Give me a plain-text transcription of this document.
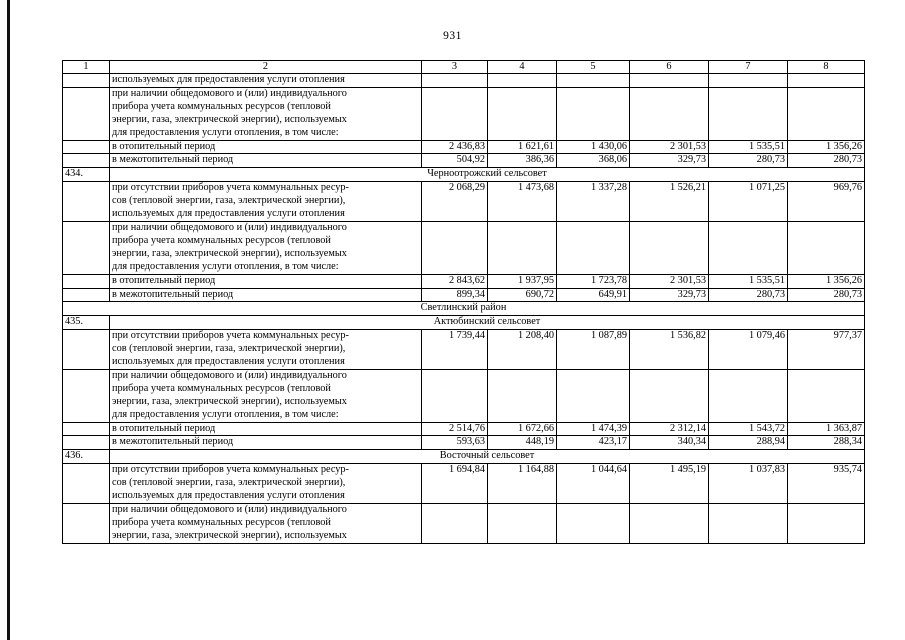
931
1	2	3	4	5	6	7	8
	используемых для предоставления услуги отопления						

	при наличии общедомового и (или) индивидуального
прибора учета коммунальных ресурсов (тепловой
энергии, газа, электрической энергии), используемых
для предоставления услуги отопления, в том числе:						

	в отопительный период	2 436,83	1 621,61	1 430,06	2 301,53	1 535,51	1 356,26
	в межотопительный период	504,92	386,36	368,06	329,73	280,73	280,73
434.	Черноотрожский сельсовет						

	при отсутствии приборов учета коммунальных ресур-
сов (тепловой энергии, газа, электрической энергии),
используемых для предоставления услуги отопления	2 068,29	1 473,68	1 337,28	1 526,21	1 071,25	969,76

	при наличии общедомового и (или) индивидуального
прибора учета коммунальных ресурсов (тепловой
энергии, газа, электрической энергии), используемых
для предоставления услуги отопления, в том числе:						

	в отопительный период	2 843,62	1 937,95	1 723,78	2 301,53	1 535,51	1 356,26
	в межотопительный период	899,34	690,72	649,91	329,73	280,73	280,73
Светлинский район							
435.	Актюбинский сельсовет						

	при отсутствии приборов учета коммунальных ресур-
сов (тепловой энергии, газа, электрической энергии),
используемых для предоставления услуги отопления	1 739,44	1 208,40	1 087,89	1 536,82	1 079,46	977,37

	при наличии общедомового и (или) индивидуального
прибора учета коммунальных ресурсов (тепловой
энергии, газа, электрической энергии), используемых
для предоставления услуги отопления, в том числе:						

	в отопительный период	2 514,76	1 672,66	1 474,39	2 312,14	1 543,72	1 363,87
	в межотопительный период	593,63	448,19	423,17	340,34	288,94	288,34
436.	Восточный сельсовет						

	при отсутствии приборов учета коммунальных ресур-
сов (тепловой энергии, газа, электрической энергии),
используемых для предоставления услуги отопления	1 694,84	1 164,88	1 044,64	1 495,19	1 037,83	935,74

	при наличии общедомового и (или) индивидуального
прибора учета коммунальных ресурсов (тепловой
энергии, газа, электрической энергии), используемых						
